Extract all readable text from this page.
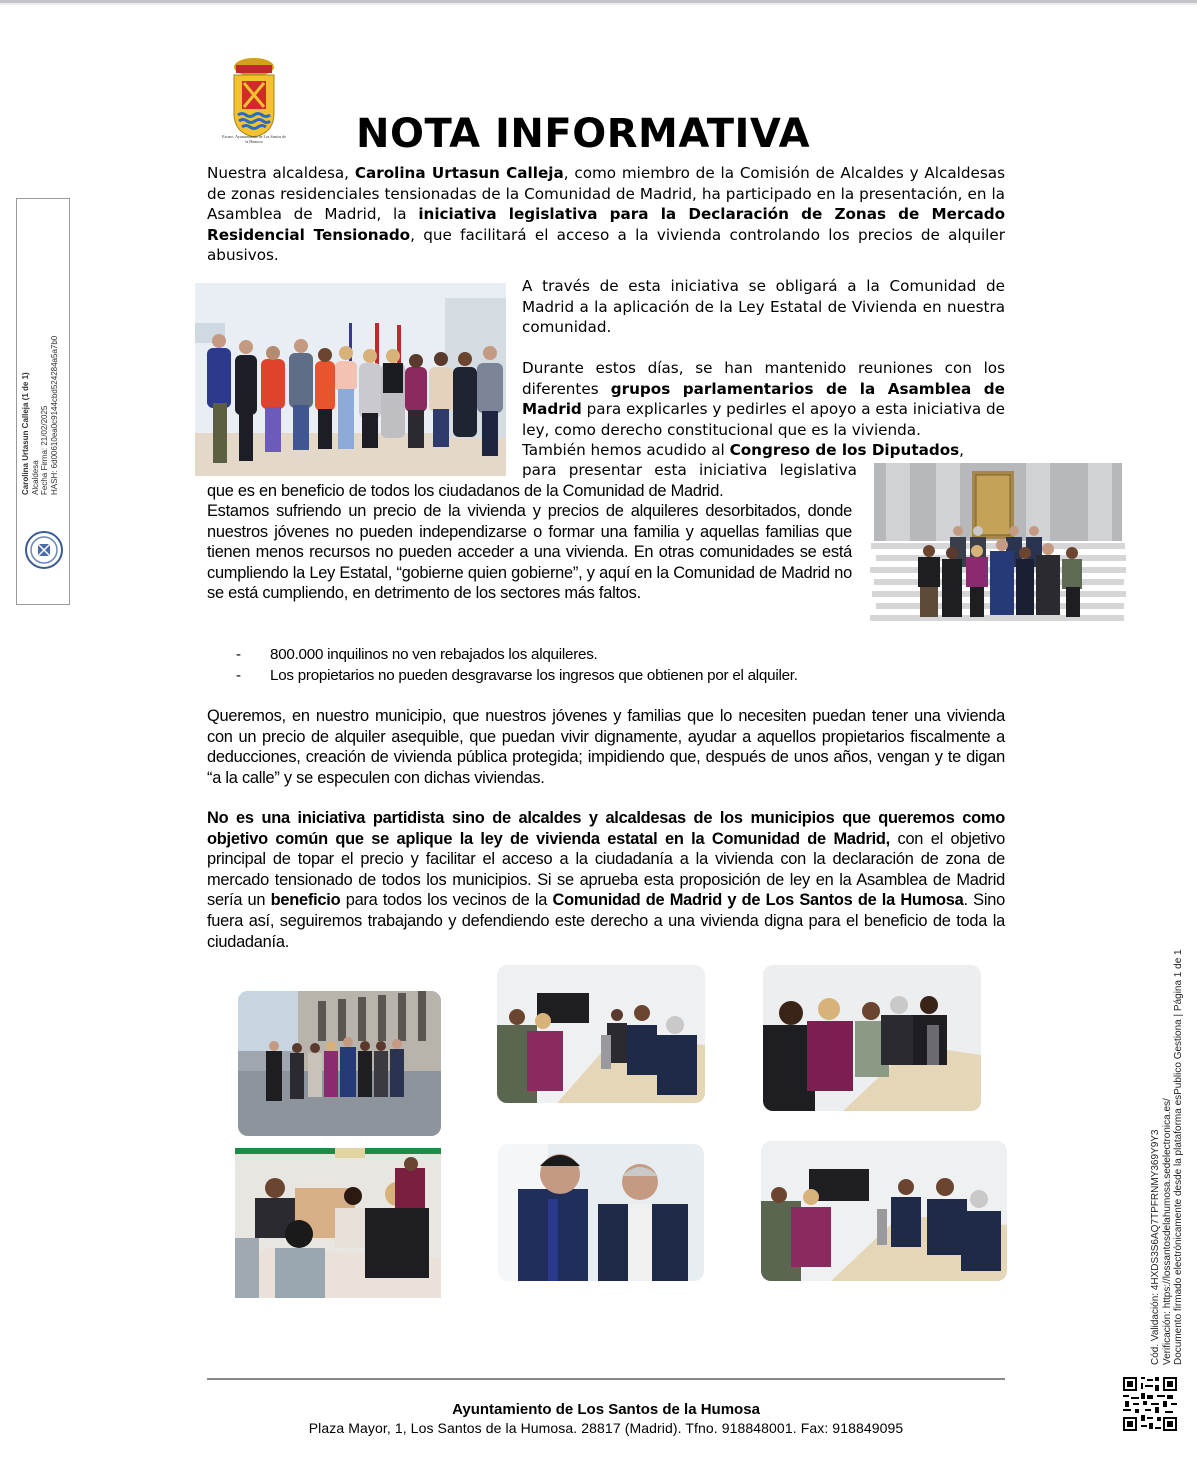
Excmo. Ayuntamiento de Los Santos de la Humosa	NOTA INFORMATIVA
Nuestra alcaldesa, Carolina Urtasun Calleja, como miembro de la Comisión de Alcaldes y Alcaldesas de zonas residenciales tensionadas de la Comunidad de Madrid, ha participado en la presentación, en la Asamblea de Madrid, la iniciativa legislativa para la Declaración de Zonas de Mercado Residencial Tensionado, que facilitará el acceso a la vivienda controlando los precios de alquiler abusivos.
A través de esta iniciativa se obligará a la Comunidad de Madrid a la aplicación de la Ley Estatal de Vivienda en nuestra comunidad.
Durante estos días, se han mantenido reuniones con los diferentes grupos parlamentarios de la Asamblea de Madrid para explicarles y pedirles el apoyo a esta iniciativa de ley, como derecho constitucional que es la vivienda.
También hemos acudido al Congreso de los Diputados,
para presentar esta iniciativa legislativa
que es en beneficio de todos los ciudadanos de la Comunidad de Madrid.
Estamos sufriendo un precio de la vivienda y precios de alquileres desorbitados, donde nuestros jóvenes no pueden independizarse o formar una familia y aquellas familias que tienen menos recursos no pueden acceder a una vivienda. En otras comunidades se está cumpliendo la Ley Estatal, “gobierne quien gobierne”, y aquí en la Comunidad de Madrid no se está cumpliendo, en detrimento de los sectores más faltos.
- 800.000 inquilinos no ven rebajados los alquileres.
- Los propietarios no pueden desgravarse los ingresos que obtienen por el alquiler.
Queremos, en nuestro municipio, que nuestros jóvenes y familias que lo necesiten puedan tener una vivienda con un precio de alquiler asequible, que puedan vivir dignamente, ayudar a aquellos propietarios fiscalmente a deducciones, creación de vivienda pública protegida; impidiendo que, después de unos años, vengan y te digan “a la calle” y se especulen con dichas viviendas.
No es una iniciativa partidista sino de alcaldes y alcaldesas de los municipios que queremos como objetivo común que se aplique la ley de vivienda estatal en la Comunidad de Madrid, con el objetivo principal de topar el precio y facilitar el acceso a la ciudadanía a la vivienda con la declaración de zona de mercado tensionado de todos los municipios. Si se aprueba esta proposición de ley en la Asamblea de Madrid sería un beneficio para todos los vecinos de la Comunidad de Madrid y de Los Santos de la Humosa. Sino fuera así, seguiremos trabajando y defendiendo este derecho a una vivienda digna para el beneficio de toda la ciudadanía.
Carolina Urtasun Calleja (1 de 1) Alcaldesa Fecha Firma: 21/02/2025 HASH: 6d00610ea0c9144cbd524284a5a7b0
Cód. Validación: 4HXDS3S6AQ7TPFRNMY369Y9Y3 Verificación: https://lossantosdelahumosa.sedelectronica.es/ Documento firmado electrónicamente desde la plataforma esPublico Gestiona | Página 1 de 1
Ayuntamiento de Los Santos de la Humosa
Plaza Mayor, 1, Los Santos de la Humosa. 28817 (Madrid). Tfno. 918848001. Fax: 918849095
